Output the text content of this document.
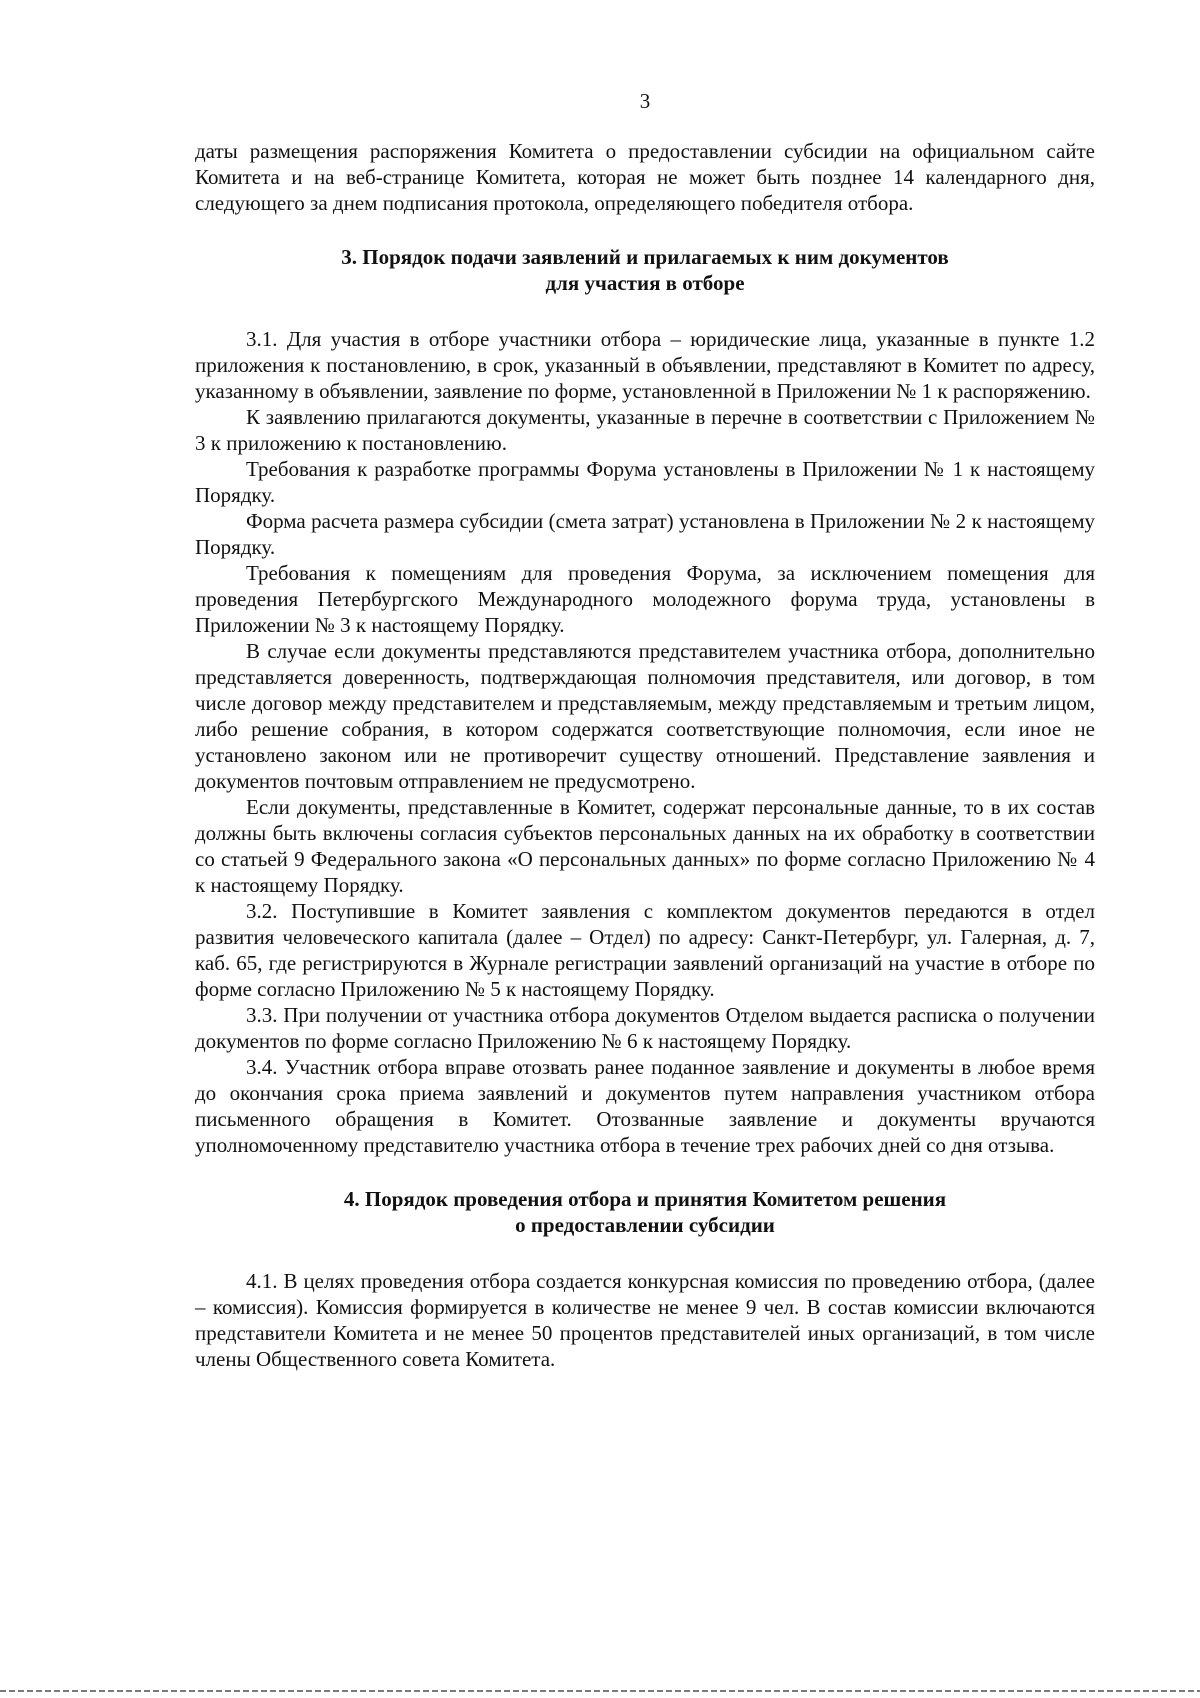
3

даты размещения распоряжения Комитета о предоставлении субсидии на официальном сайте Комитета и на веб-странице Комитета, которая не может быть позднее 14 календарного дня, следующего за днем подписания протокола, определяющего победителя отбора.

3. Порядок подачи заявлений и прилагаемых к ним документов
для участия в отборе

3.1. Для участия в отборе участники отбора – юридические лица, указанные в пункте 1.2 приложения к постановлению, в срок, указанный в объявлении, представляют в Комитет по адресу, указанному в объявлении, заявление по форме, установленной в Приложении № 1 к распоряжению.

К заявлению прилагаются документы, указанные в перечне в соответствии с Приложением № 3 к приложению к постановлению.

Требования к разработке программы Форума установлены в Приложении № 1 к настоящему Порядку.

Форма расчета размера субсидии (смета затрат) установлена в Приложении № 2 к настоящему Порядку.

Требования к помещениям для проведения Форума, за исключением помещения для проведения Петербургского Международного молодежного форума труда, установлены в Приложении № 3 к настоящему Порядку.

В случае если документы представляются представителем участника отбора, дополнительно представляется доверенность, подтверждающая полномочия представителя, или договор, в том числе договор между представителем и представляемым, между представляемым и третьим лицом, либо решение собрания, в котором содержатся соответствующие полномочия, если иное не установлено законом или не противоречит существу отношений. Представление заявления и документов почтовым отправлением не предусмотрено.

Если документы, представленные в Комитет, содержат персональные данные, то в их состав должны быть включены согласия субъектов персональных данных на их обработку в соответствии со статьей 9 Федерального закона «О персональных данных» по форме согласно Приложению № 4 к настоящему Порядку.

3.2. Поступившие в Комитет заявления с комплектом документов передаются в отдел развития человеческого капитала (далее – Отдел) по адресу: Санкт-Петербург, ул. Галерная, д. 7, каб. 65, где регистрируются в Журнале регистрации заявлений организаций на участие в отборе по форме согласно Приложению № 5 к настоящему Порядку.

3.3. При получении от участника отбора документов Отделом выдается расписка о получении документов по форме согласно Приложению № 6 к настоящему Порядку.

3.4. Участник отбора вправе отозвать ранее поданное заявление и документы в любое время до окончания срока приема заявлений и документов путем направления участником отбора письменного обращения в Комитет. Отозванные заявление и документы вручаются уполномоченному представителю участника отбора в течение трех рабочих дней со дня отзыва.

4. Порядок проведения отбора и принятия Комитетом решения
о предоставлении субсидии

4.1. В целях проведения отбора создается конкурсная комиссия по проведению отбора, (далее – комиссия). Комиссия формируется в количестве не менее 9 чел. В состав комиссии включаются представители Комитета и не менее 50 процентов представителей иных организаций, в том числе члены Общественного совета Комитета.
